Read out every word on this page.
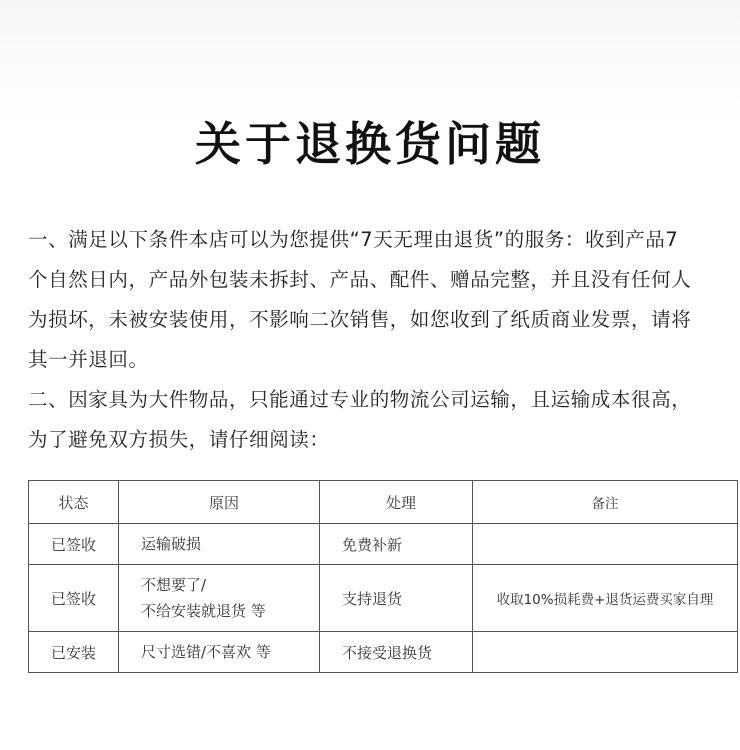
关于退换货问题
一、满足以下条件本店可以为您提供“7天无理由退货”的服务：收到产品7
个自然日内，产品外包装未拆封、产品、配件、赠品完整，并且没有任何人
为损坏，未被安装使用，不影响二次销售，如您收到了纸质商业发票，请将
其一并退回。
二、因家具为大件物品，只能通过专业的物流公司运输，且运输成本很高，
为了避免双方损失，请仔细阅读：
状态	原因	处理	备注
已签收	运输破损	免费补新	
已签收	不想要了/
不给安装就退货 等	支持退货	收取10%损耗费+退货运费买家自理
已安装	尺寸选错/不喜欢 等	不接受退换货	
